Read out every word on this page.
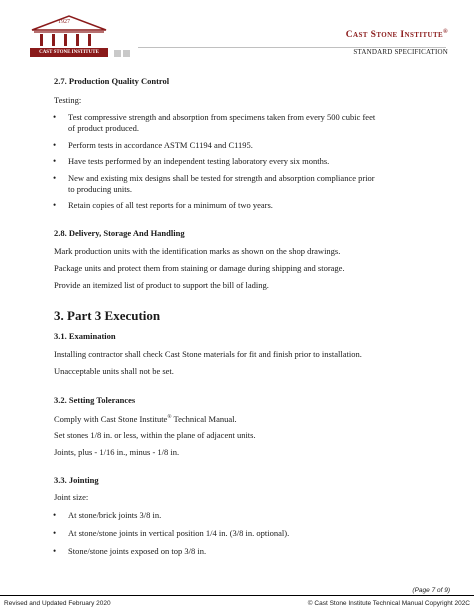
1927
CAST STONE INSTITUTE
Cast Stone Institute®
STANDARD SPECIFICATION
2.7. Production Quality Control
Testing:
• Test compressive strength and absorption from specimens taken from every 500 cubic feet
of product produced.
• Perform tests in accordance ASTM C1194 and C1195.
• Have tests performed by an independent testing laboratory every six months.
• New and existing mix designs shall be tested for strength and absorption compliance prior
to producing units.
• Retain copies of all test reports for a minimum of two years.
2.8. Delivery, Storage And Handling
Mark production units with the identification marks as shown on the shop drawings.
Package units and protect them from staining or damage during shipping and storage.
Provide an itemized list of product to support the bill of lading.
3. Part 3 Execution
3.1. Examination
Installing contractor shall check Cast Stone materials for fit and finish prior to installation.
Unacceptable units shall not be set.
3.2. Setting Tolerances
Comply with Cast Stone Institute® Technical Manual.
Set stones 1/8 in. or less, within the plane of adjacent units.
Joints, plus - 1/16 in., minus - 1/8 in.
3.3. Jointing
Joint size:
• At stone/brick joints 3/8 in.
• At stone/stone joints in vertical position 1/4 in. (3/8 in. optional).
• Stone/stone joints exposed on top 3/8 in.
(Page 7 of 9)
Revised and Updated February 2020	© Cast Stone Institute Technical Manual Copyright 202C
